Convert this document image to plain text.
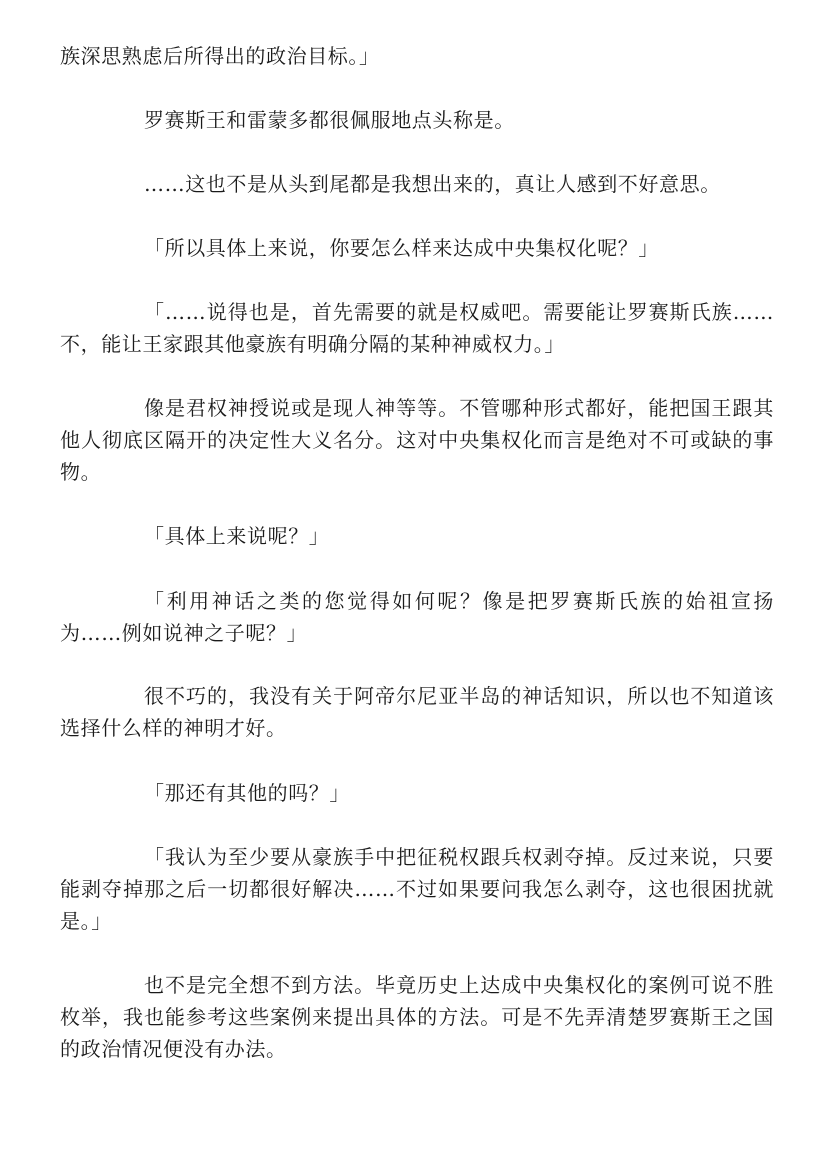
族深思熟虑后所得出的政治目标。」

罗赛斯王和雷蒙多都很佩服地点头称是。

……这也不是从头到尾都是我想出来的，真让人感到不好意思。

「所以具体上来说，你要怎么样来达成中央集权化呢？」

「……说得也是，首先需要的就是权威吧。需要能让罗赛斯氏族……不，能让王家跟其他豪族有明确分隔的某种神威权力。」

像是君权神授说或是现人神等等。不管哪种形式都好，能把国王跟其他人彻底区隔开的决定性大义名分。这对中央集权化而言是绝对不可或缺的事物。

「具体上来说呢？」

「利用神话之类的您觉得如何呢？像是把罗赛斯氏族的始祖宣扬为……例如说神之子呢？」

很不巧的，我没有关于阿帝尔尼亚半岛的神话知识，所以也不知道该选择什么样的神明才好。

「那还有其他的吗？」

「我认为至少要从豪族手中把征税权跟兵权剥夺掉。反过来说，只要能剥夺掉那之后一切都很好解决……不过如果要问我怎么剥夺，这也很困扰就是。」

也不是完全想不到方法。毕竟历史上达成中央集权化的案例可说不胜枚举，我也能参考这些案例来提出具体的方法。可是不先弄清楚罗赛斯王之国的政治情况便没有办法。
